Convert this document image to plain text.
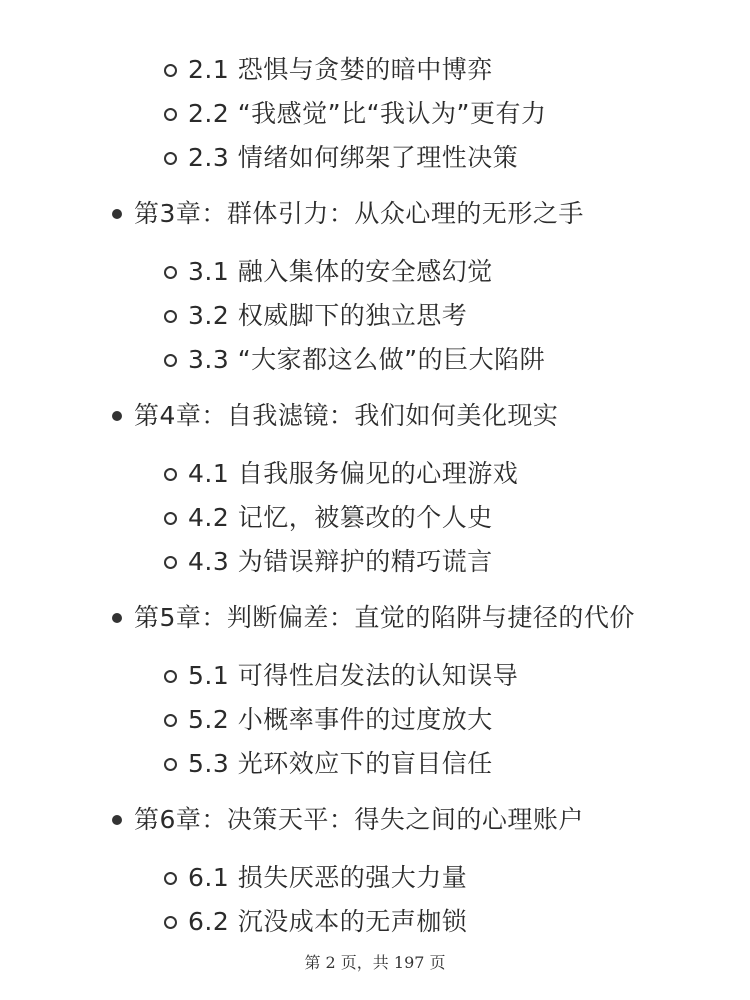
2.1 恐惧与贪婪的暗中博弈
2.2 “我感觉”比“我认为”更有力
2.3 情绪如何绑架了理性决策
第3章：群体引力：从众心理的无形之手
3.1 融入集体的安全感幻觉
3.2 权威脚下的独立思考
3.3 “大家都这么做”的巨大陷阱
第4章：自我滤镜：我们如何美化现实
4.1 自我服务偏见的心理游戏
4.2 记忆，被篡改的个人史
4.3 为错误辩护的精巧谎言
第5章：判断偏差：直觉的陷阱与捷径的代价
5.1 可得性启发法的认知误导
5.2 小概率事件的过度放大
5.3 光环效应下的盲目信任
第6章：决策天平：得失之间的心理账户
6.1 损失厌恶的强大力量
6.2 沉没成本的无声枷锁
第 2 页，共 197 页
